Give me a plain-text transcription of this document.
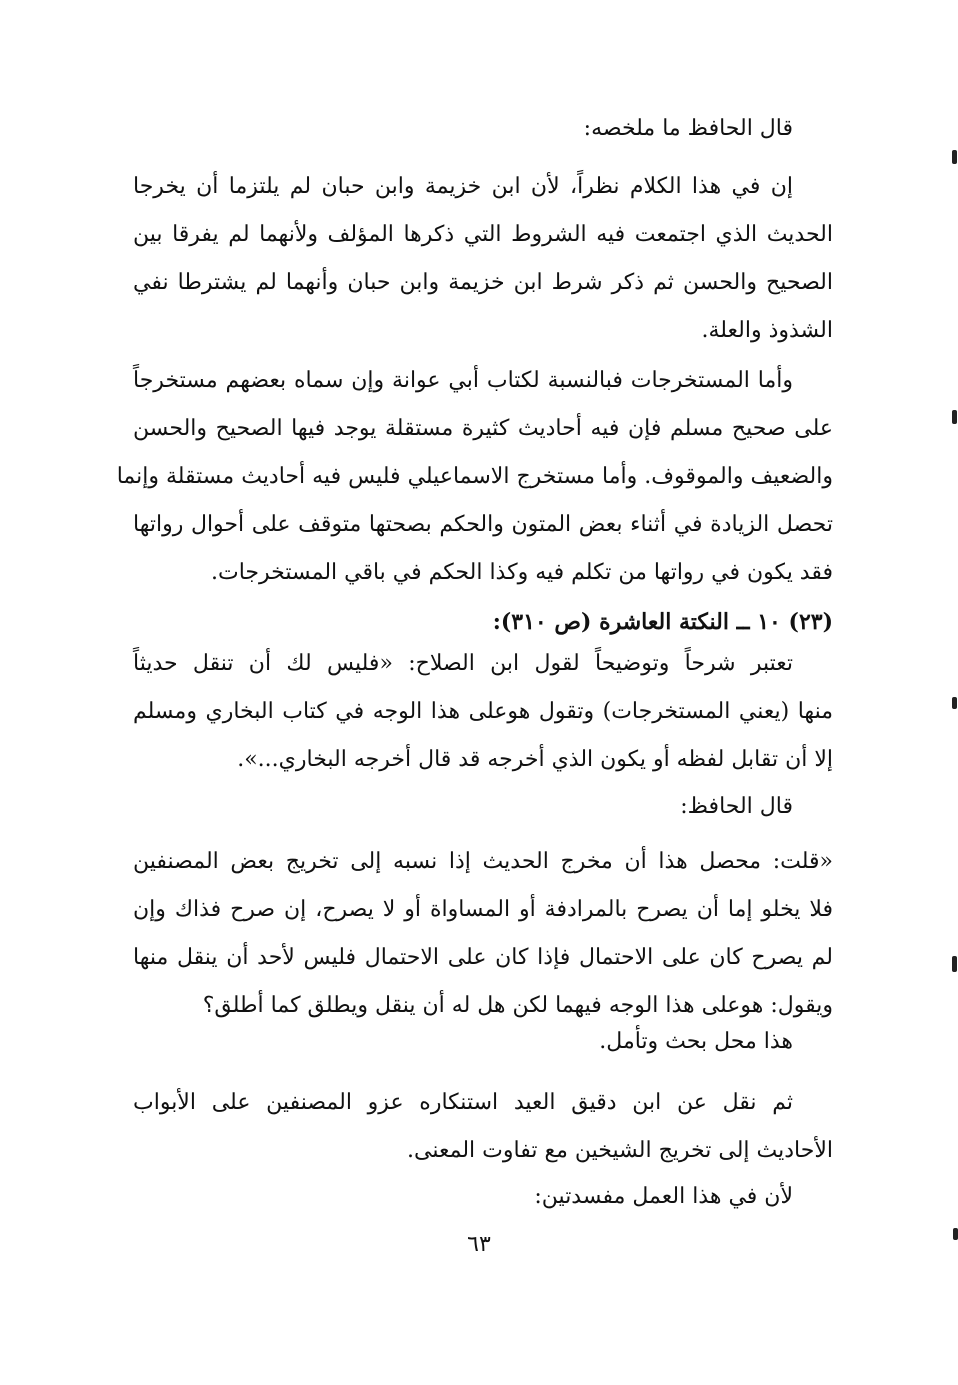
قال الحافظ ما ملخصه:
إن في هذا الكلام نظراً، لأن ابن خزيمة وابن حبان لم يلتزما أن يخرجا
الحديث الذي اجتمعت فيه الشروط التي ذكرها المؤلف ولأنهما لم يفرقا بين
الصحيح والحسن ثم ذكر شرط ابن خزيمة وابن حبان وأنهما لم يشترطا نفي
الشذوذ والعلة.
وأما المستخرجات فبالنسبة لكتاب أبي عوانة وإن سماه بعضهم مستخرجاً
على صحيح مسلم فإن فيه أحاديث كثيرة مستقلة يوجد فيها الصحيح والحسن
والضعيف والموقوف. وأما مستخرج الاسماعيلي فليس فيه أحاديث مستقلة وإنما
تحصل الزيادة في أثناء بعض المتون والحكم بصحتها متوقف على أحوال رواتها
فقد يكون في رواتها من تكلم فيه وكذا الحكم في باقي المستخرجات.
(٢٣) ١٠ ــ النكتة العاشرة (ص ٣١٠):
تعتبر شرحاً وتوضيحاً لقول ابن الصلاح: «فليس لك أن تنقل حديثاً
منها (يعني المستخرجات) وتقول هوعلى هذا الوجه في كتاب البخاري ومسلم
إلا أن تقابل لفظه أو يكون الذي أخرجه قد قال أخرجه البخاري...».
قال الحافظ:
«قلت: محصل هذا أن مخرج الحديث إذا نسبه إلى تخريج بعض المصنفين
فلا يخلو إما أن يصرح بالمرادفة أو المساواة أو لا يصرح، إن صرح فذاك وإن
لم يصرح كان على الاحتمال فإذا كان على الاحتمال فليس لأحد أن ينقل منها
ويقول: هوعلى هذا الوجه فيهما لكن هل له أن ينقل ويطلق كما أطلق؟
هذا محل بحث وتأمل.
ثم نقل عن ابن دقيق العيد استنكاره عزو المصنفين على الأبواب
الأحاديث إلى تخريج الشيخين مع تفاوت المعنى.
لأن في هذا العمل مفسدتين:
٦٣
